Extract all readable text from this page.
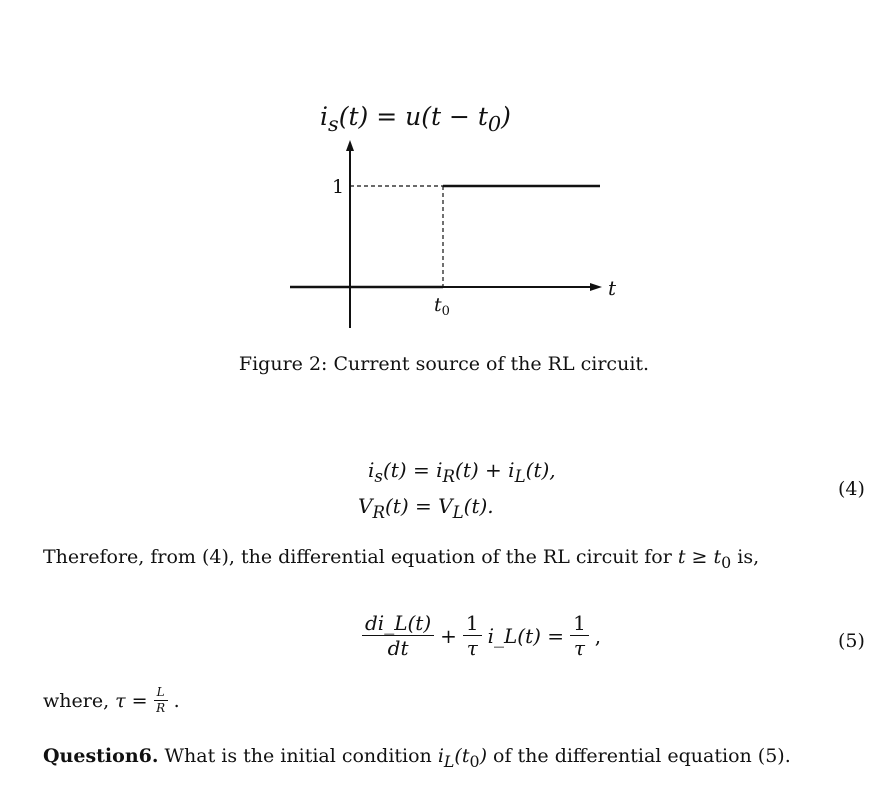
$i_s(t) = u(t - t_0)$
1
t
$t_0$
Figure 2: Current source of the RL circuit.
$i_s(t) = i_R(t) + i_L(t)$,
$V_R(t) = V_L(t)$.
(4)
Therefore, from (4), the differential equation of the RL circuit for $t \ge t_0$ is,
$\frac{di\_L(t)}{dt} + \frac{1}{\tau}$ i_L(t) = $\frac{1}{\tau}$ ,	(5)
where, $\tau = \frac{L}{R}$ .
Question6. What is the initial condition $i_L(t_0)$ of the differential equation (5).
